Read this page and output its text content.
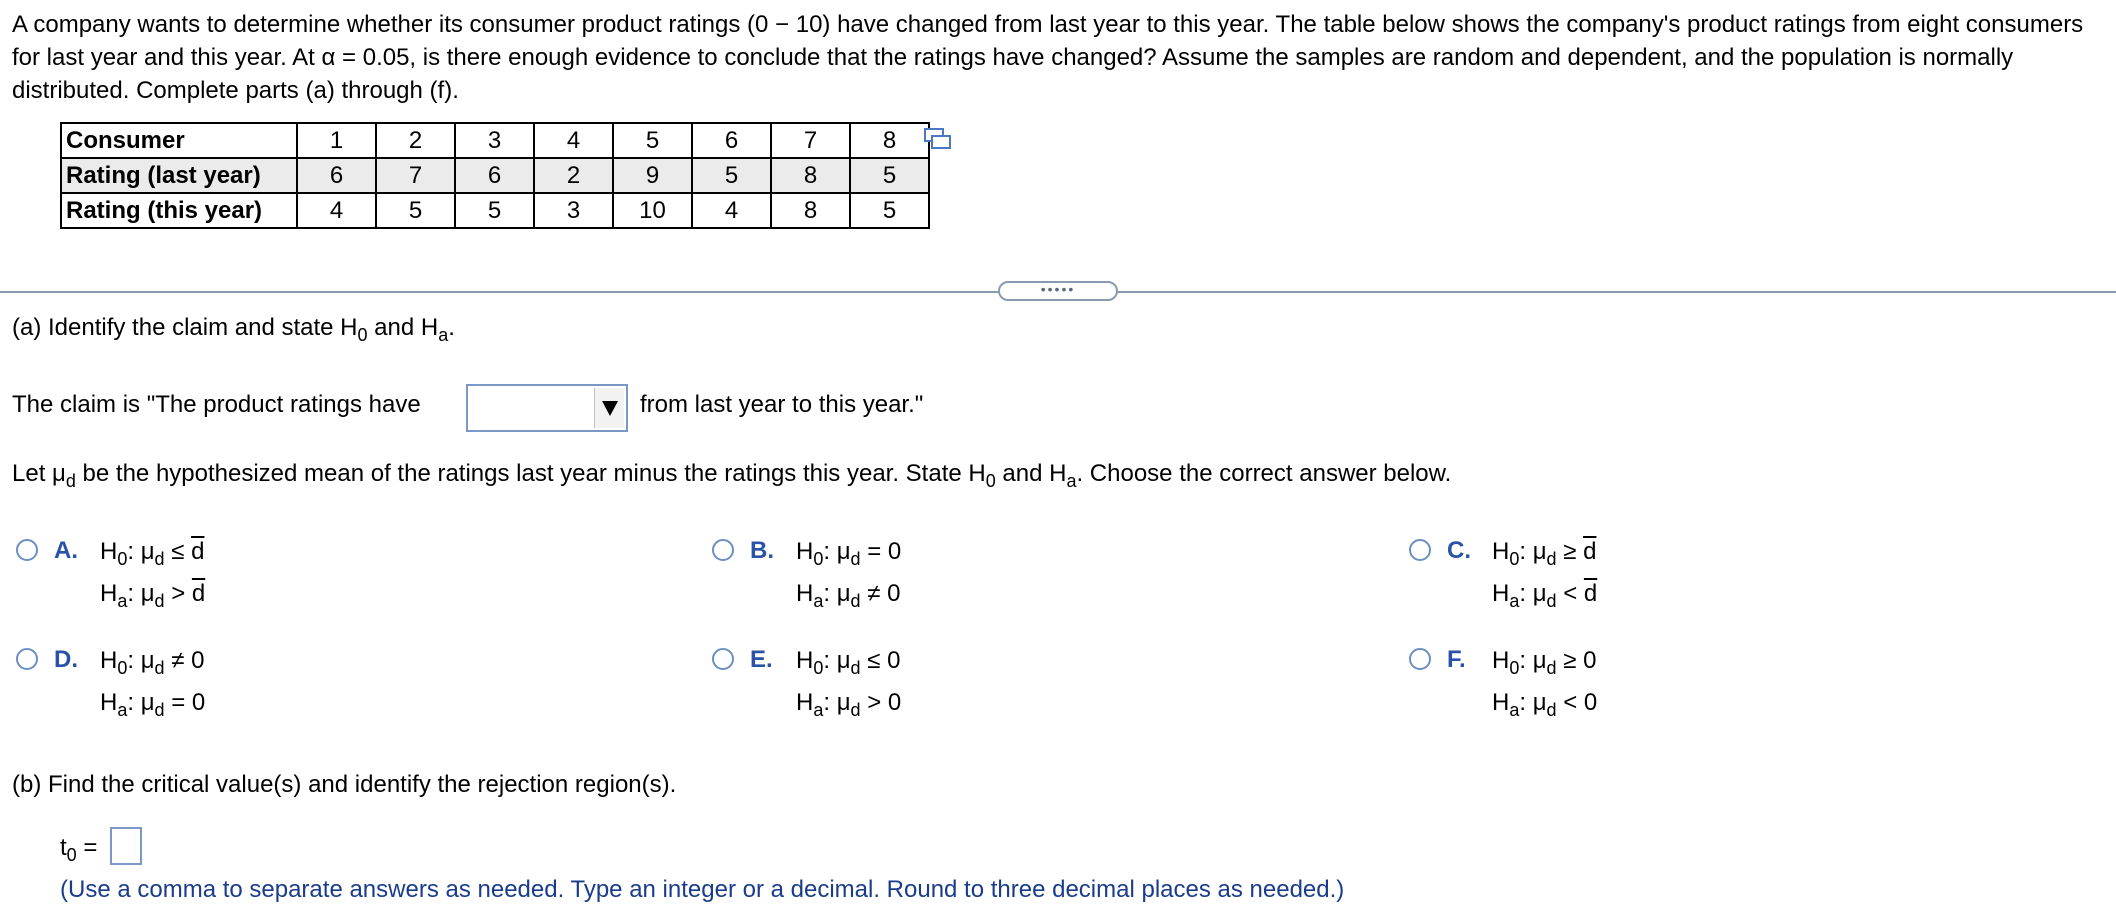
A company wants to determine whether its consumer product ratings (0 − 10) have changed from last year to this year. The table below shows the company's product ratings from eight consumers for last year and this year. At α = 0.05, is there enough evidence to conclude that the ratings have changed? Assume the samples are random and dependent, and the population is normally distributed. Complete parts (a) through (f).
Consumer	1	2	3	4	5	6	7	8
Rating (last year)	6	7	6	2	9	5	8	5
Rating (this year)	4	5	5	3	10	4	8	5
•••••
(a) Identify the claim and state $H_0$ and $H_a$.
The claim is "The product ratings have	from last year to this year."
Let $\mu_d$ be the hypothesized mean of the ratings last year minus the ratings this year. State $H_0$ and $H_a$. Choose the correct answer below.
A. $H_0$: $\mu_d \le \overline{d}$
$H_a$: $\mu_d > \overline{d}$
B. $H_0$: $\mu_d = 0$
$H_a$: $\mu_d \ne 0$
C. $H_0$: $\mu_d \ge \overline{d}$
$H_a$: $\mu_d < \overline{d}$
D. $H_0$: $\mu_d \ne 0$
$H_a$: $\mu_d = 0$
E. $H_0$: $\mu_d \le 0$
$H_a$: $\mu_d > 0$
F. $H_0$: $\mu_d \ge 0$
$H_a$: $\mu_d < 0$
(b) Find the critical value(s) and identify the rejection region(s).
$t_0$ =
(Use a comma to separate answers as needed. Type an integer or a decimal. Round to three decimal places as needed.)
